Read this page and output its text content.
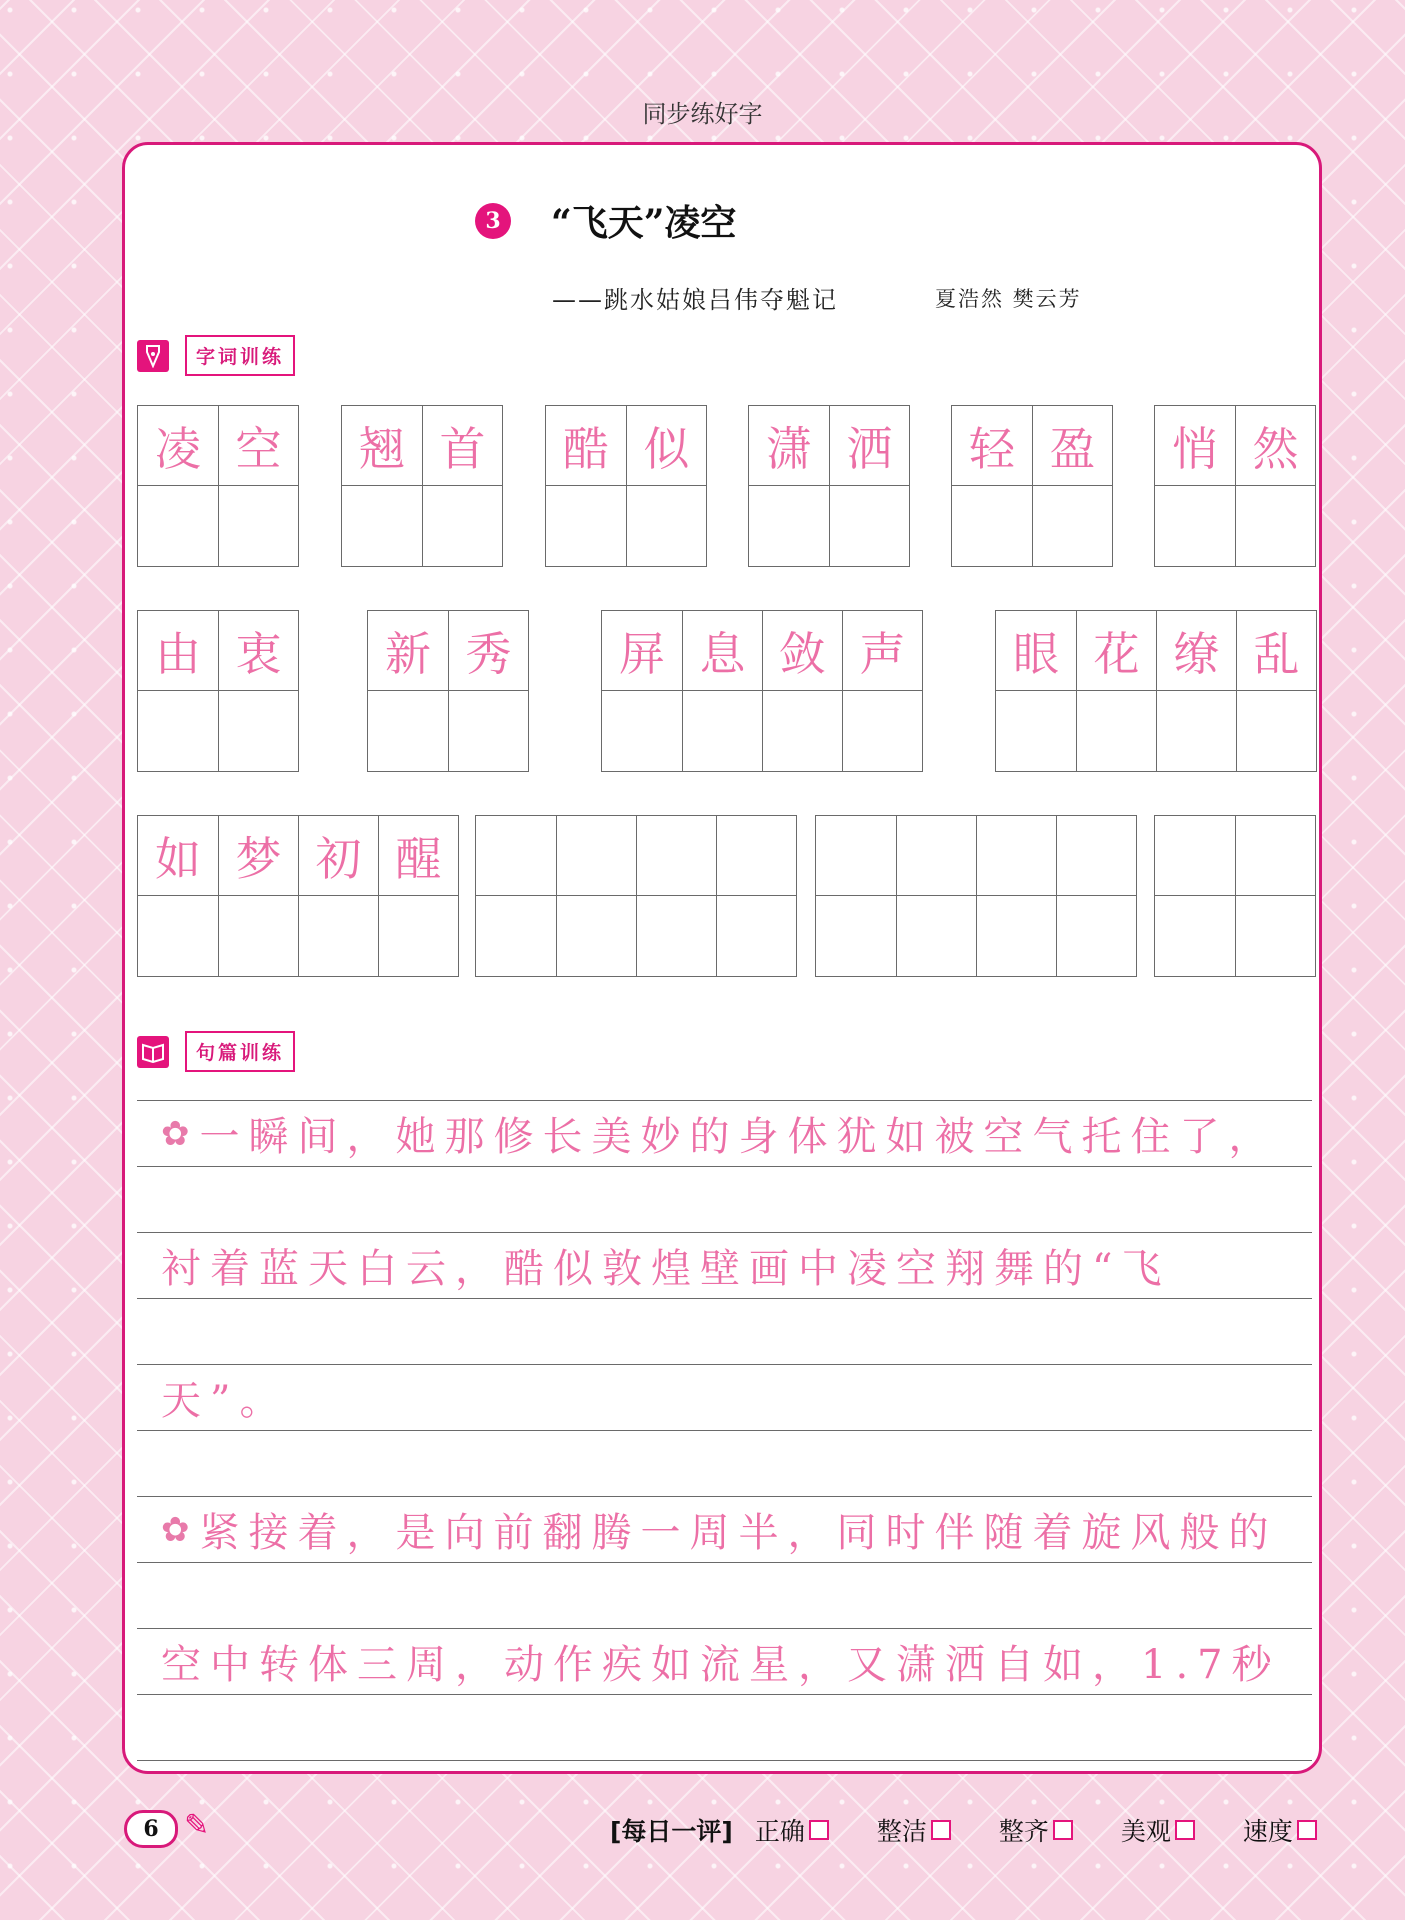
同步练好字
3 “飞天”凌空
——跳水姑娘吕伟夺魁记	夏浩然 樊云芳
字词训练
凌 空	翘 首	酷 似	潇 洒	轻 盈	悄 然
由 衷	新 秀	屏 息 敛 声	眼 花 缭 乱
如 梦 初 醒
句篇训练
✿ 一瞬间，她那修长美妙的身体犹如被空气托住了，
衬着蓝天白云，酷似敦煌壁画中凌空翔舞的“飞
天”。
✿ 紧接着，是向前翻腾一周半，同时伴随着旋风般的
空中转体三周，动作疾如流星，又潇洒自如，1.7秒
6 ✎	[每日一评] 正确	整洁	整齐	美观	速度
